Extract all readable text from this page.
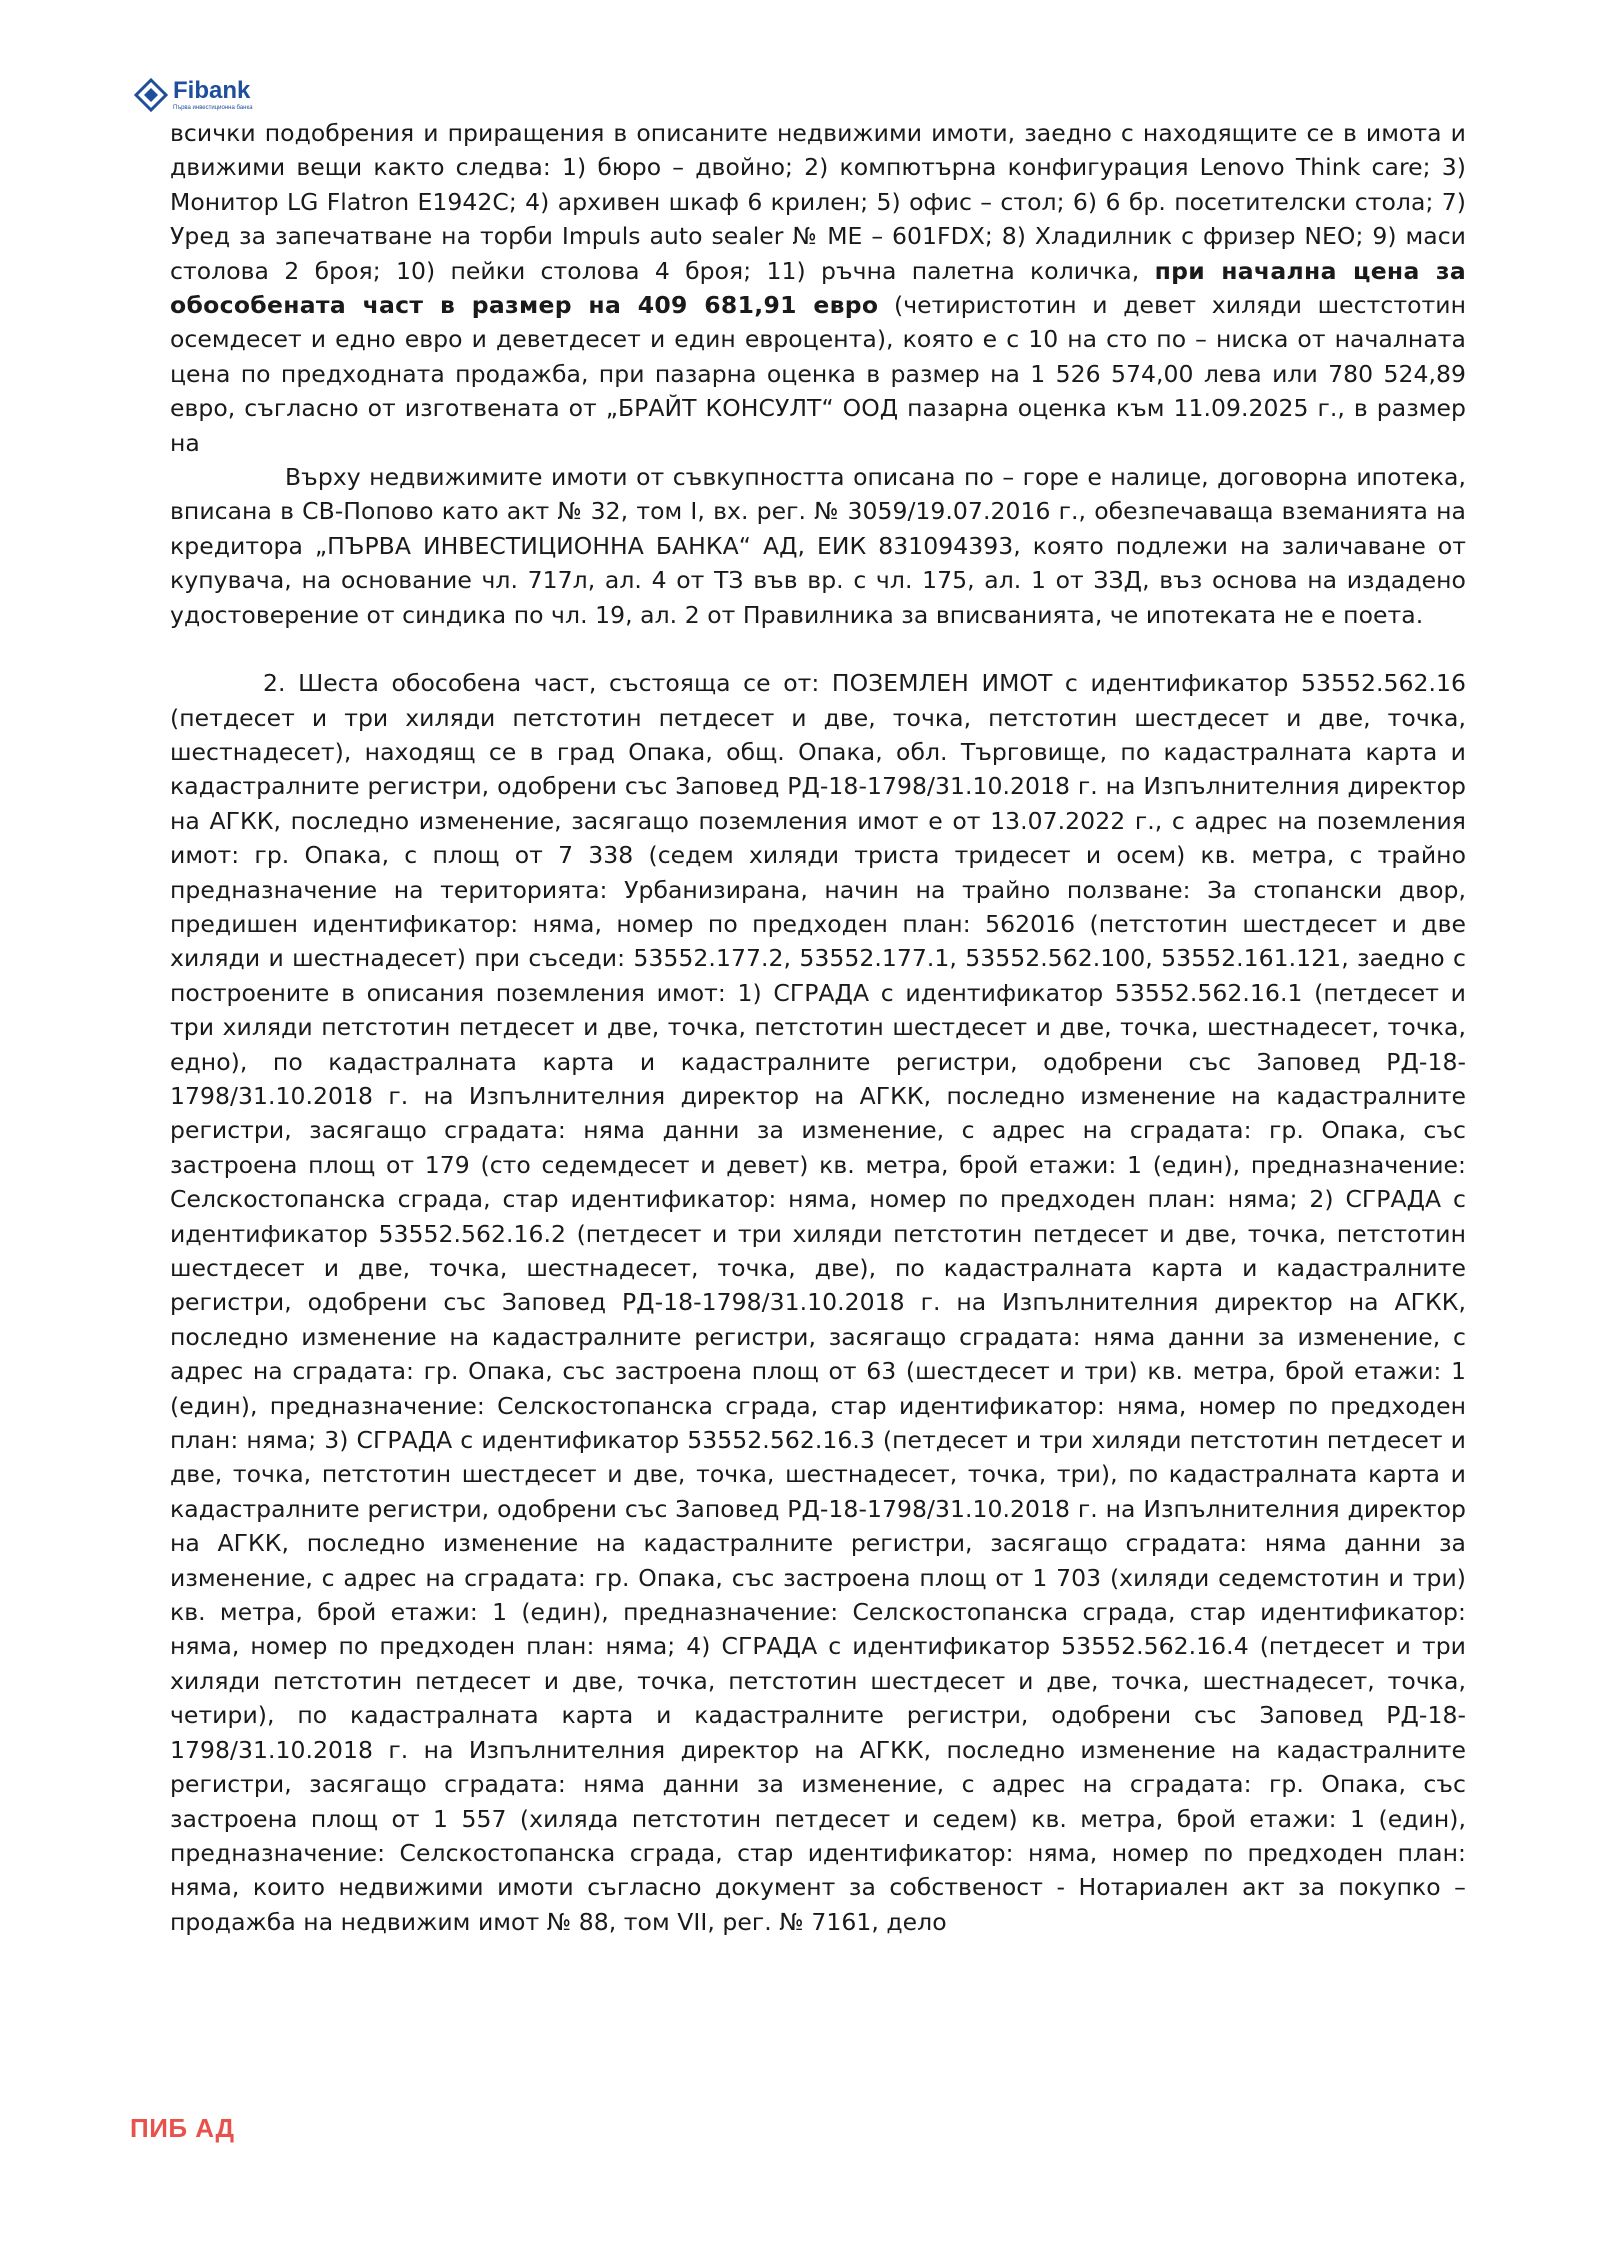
Fibank
Първа инвестиционна банка

всички подобрения и приращения в описаните недвижими имоти, заедно с находящите се в имота и движими вещи както следва: 1) бюро – двойно; 2) компютърна конфигурация Lenovo Think care; 3) Монитор LG Flatron E1942C; 4) архивен шкаф 6 крилен; 5) офис – стол; 6) 6 бр. посетителски стола; 7) Уред за запечатване на торби Impuls auto sealer № ME – 601FDX; 8) Хладилник с фризер NEO; 9) маси столова 2 броя; 10) пейки столова 4 броя; 11) ръчна палетна количка, при начална цена за обособената част в размер на 409 681,91 евро (четиристотин и девет хиляди шестстотин осемдесет и едно евро и деветдесет и един евроцента), която е с 10 на сто по – ниска от началната цена по предходната продажба, при пазарна оценка в размер на 1 526 574,00 лева или 780 524,89 евро, съгласно от изготвената от „БРАЙТ КОНСУЛТ“ ООД пазарна оценка към 11.09.2025 г., в размер на

Върху недвижимите имоти от съвкупността описана по – горе е налице, договорна ипотека, вписана в СВ-Попово като акт № 32, том I, вх. рег. № 3059/19.07.2016 г., обезпечаваща вземанията на кредитора „ПЪРВА ИНВЕСТИЦИОННА БАНКА“ АД, ЕИК 831094393, която подлежи на заличаване от купувача, на основание чл. 717л, ал. 4 от ТЗ във вр. с чл. 175, ал. 1 от ЗЗД, въз основа на издадено удостоверение от синдика по чл. 19, ал. 2 от Правилника за вписванията, че ипотеката не е поета.

2. Шеста обособена част, състояща се от: ПОЗЕМЛЕН ИМОТ с идентификатор 53552.562.16 (петдесет и три хиляди петстотин петдесет и две, точка, петстотин шестдесет и две, точка, шестнадесет), находящ се в град Опака, общ. Опака, обл. Търговище, по кадастралната карта и кадастралните регистри, одобрени със Заповед РД-18-1798/31.10.2018 г. на Изпълнителния директор на АГКК, последно изменение, засягащо поземления имот е от 13.07.2022 г., с адрес на поземления имот: гр. Опака, с площ от 7 338 (седем хиляди триста тридесет и осем) кв. метра, с трайно предназначение на територията: Урбанизирана, начин на трайно ползване: За стопански двор, предишен идентификатор: няма, номер по предходен план: 562016 (петстотин шестдесет и две хиляди и шестнадесет) при съседи: 53552.177.2, 53552.177.1, 53552.562.100, 53552.161.121, заедно с построените в описания поземления имот: 1) СГРАДА с идентификатор 53552.562.16.1 (петдесет и три хиляди петстотин петдесет и две, точка, петстотин шестдесет и две, точка, шестнадесет, точка, едно), по кадастралната карта и кадастралните регистри, одобрени със Заповед РД-18-1798/31.10.2018 г. на Изпълнителния директор на АГКК, последно изменение на кадастралните регистри, засягащо сградата: няма данни за изменение, с адрес на сградата: гр. Опака, със застроена площ от 179 (сто седемдесет и девет) кв. метра, брой етажи: 1 (един), предназначение: Селскостопанска сграда, стар идентификатор: няма, номер по предходен план: няма; 2) СГРАДА с идентификатор 53552.562.16.2 (петдесет и три хиляди петстотин петдесет и две, точка, петстотин шестдесет и две, точка, шестнадесет, точка, две), по кадастралната карта и кадастралните регистри, одобрени със Заповед РД-18-1798/31.10.2018 г. на Изпълнителния директор на АГКК, последно изменение на кадастралните регистри, засягащо сградата: няма данни за изменение, с адрес на сградата: гр. Опака, със застроена площ от 63 (шестдесет и три) кв. метра, брой етажи: 1 (един), предназначение: Селскостопанска сграда, стар идентификатор: няма, номер по предходен план: няма; 3) СГРАДА с идентификатор 53552.562.16.3 (петдесет и три хиляди петстотин петдесет и две, точка, петстотин шестдесет и две, точка, шестнадесет, точка, три), по кадастралната карта и кадастралните регистри, одобрени със Заповед РД-18-1798/31.10.2018 г. на Изпълнителния директор на АГКК, последно изменение на кадастралните регистри, засягащо сградата: няма данни за изменение, с адрес на сградата: гр. Опака, със застроена площ от 1 703 (хиляди седемстотин и три) кв. метра, брой етажи: 1 (един), предназначение: Селскостопанска сграда, стар идентификатор: няма, номер по предходен план: няма; 4) СГРАДА с идентификатор 53552.562.16.4 (петдесет и три хиляди петстотин петдесет и две, точка, петстотин шестдесет и две, точка, шестнадесет, точка, четири), по кадастралната карта и кадастралните регистри, одобрени със Заповед РД-18-1798/31.10.2018 г. на Изпълнителния директор на АГКК, последно изменение на кадастралните регистри, засягащо сградата: няма данни за изменение, с адрес на сградата: гр. Опака, със застроена площ от 1 557 (хиляда петстотин петдесет и седем) кв. метра, брой етажи: 1 (един), предназначение: Селскостопанска сграда, стар идентификатор: няма, номер по предходен план: няма, които недвижими имоти съгласно документ за собственост - Нотариален акт за покупко – продажба на недвижим имот № 88, том VII, рег. № 7161, дело

ПИБ АД
